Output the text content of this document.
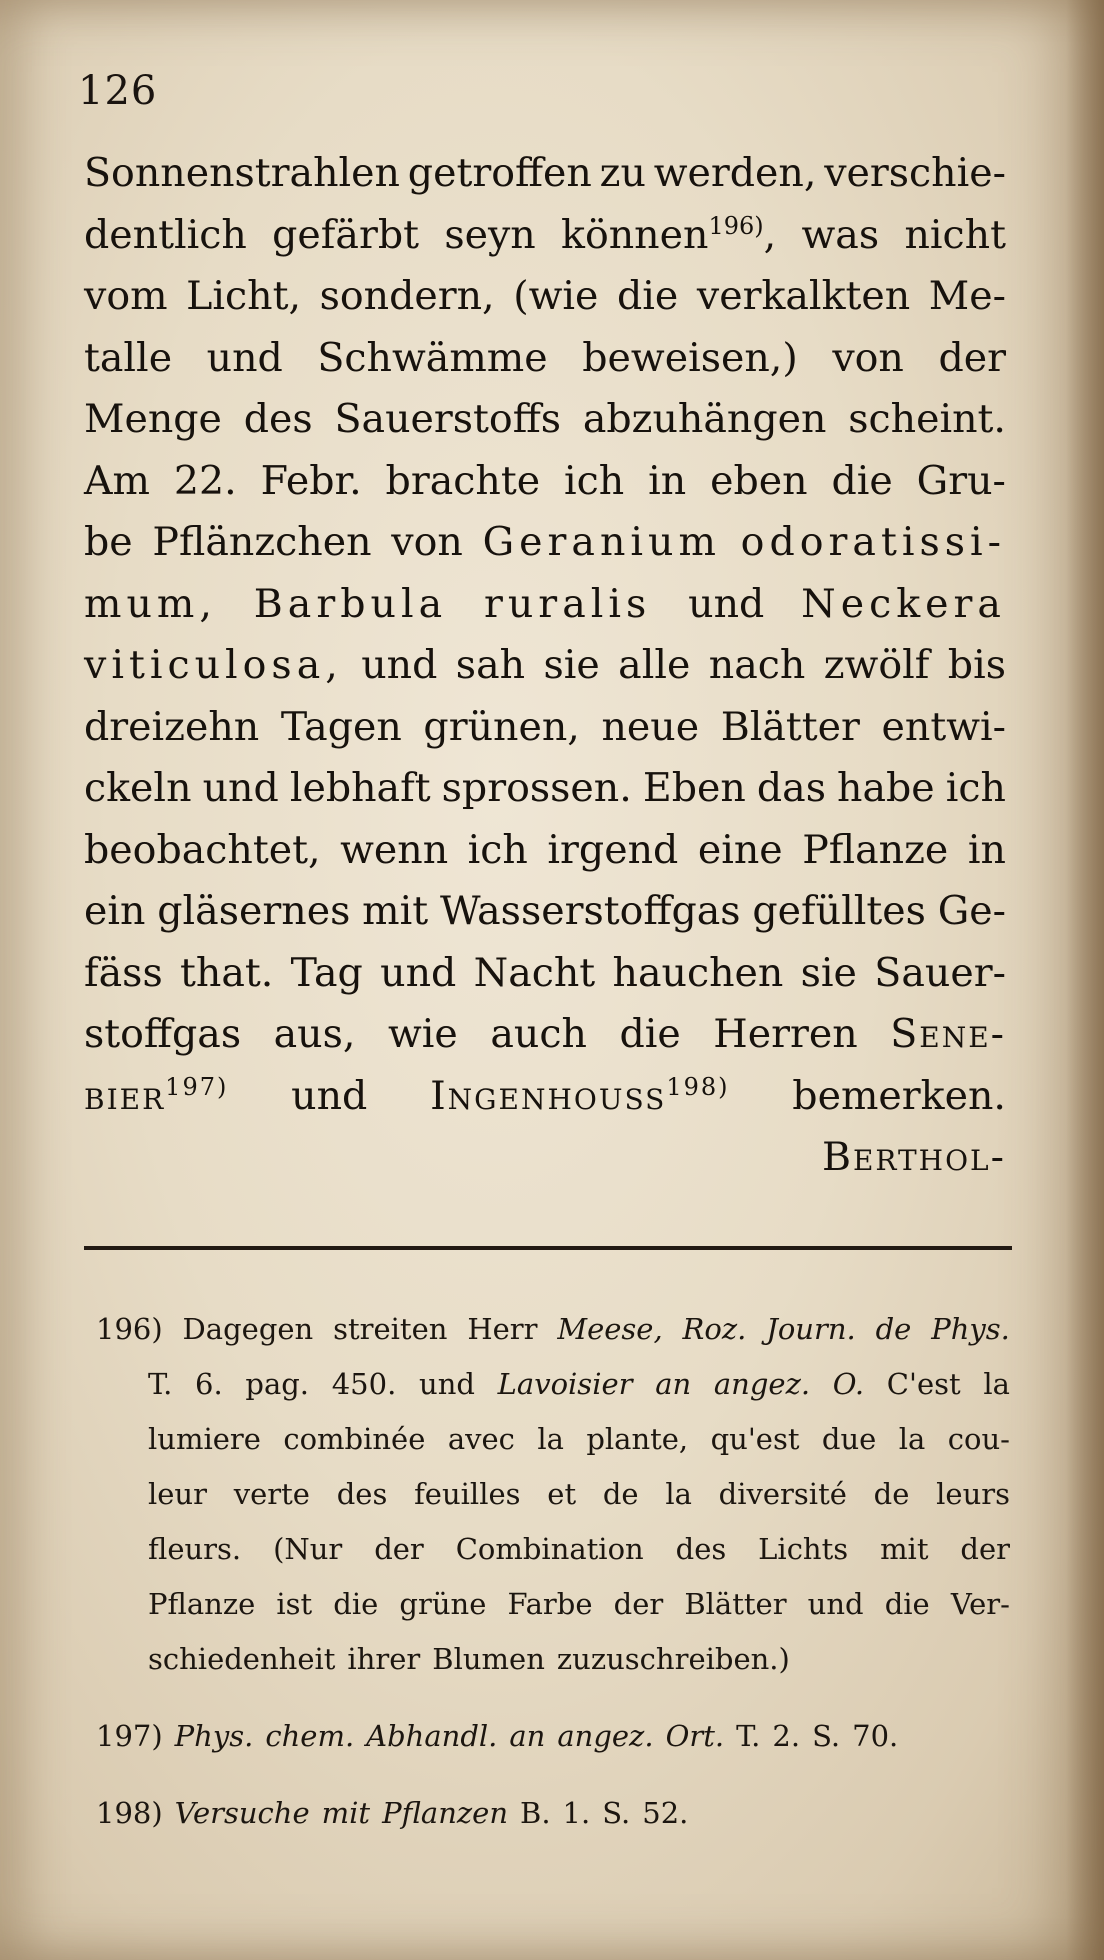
126
Sonnenstrahlen getroffen zu werden, verschie-
dentlich gefärbt seyn können$^{196)}$, was nicht
vom Licht, sondern, (wie die verkalkten Me-
talle und Schwämme beweisen,) von der
Menge des Sauerstoffs abzuhängen scheint.
Am 22. Febr. brachte ich in eben die Gru-
be Pflänzchen von Geranium odoratissi-
mum, Barbula ruralis und Neckera
viticulosa, und sah sie alle nach zwölf bis
dreizehn Tagen grünen, neue Blätter entwi-
ckeln und lebhaft sprossen. Eben das habe ich
beobachtet, wenn ich irgend eine Pflanze in
ein gläsernes mit Wasserstoffgas gefülltes Ge-
fäss that. Tag und Nacht hauchen sie Sauer-
stoffgas aus, wie auch die Herren Sene-
bier$^{197)}$ und Ingenhouss$^{198)}$ bemerken.
Berthol-
196) Dagegen streiten Herr Meese, Roz. Journ. de Phys.
T. 6. pag. 450. und Lavoisier an angez. O. C'est la
lumiere combinée avec la plante, qu'est due la cou-
leur verte des feuilles et de la diversité de leurs
fleurs. (Nur der Combination des Lichts mit der
Pflanze ist die grüne Farbe der Blätter und die Ver-
schiedenheit ihrer Blumen zuzuschreiben.)
197) Phys. chem. Abhandl. an angez. Ort. T. 2. S. 70.
198) Versuche mit Pflanzen B. 1. S. 52.
